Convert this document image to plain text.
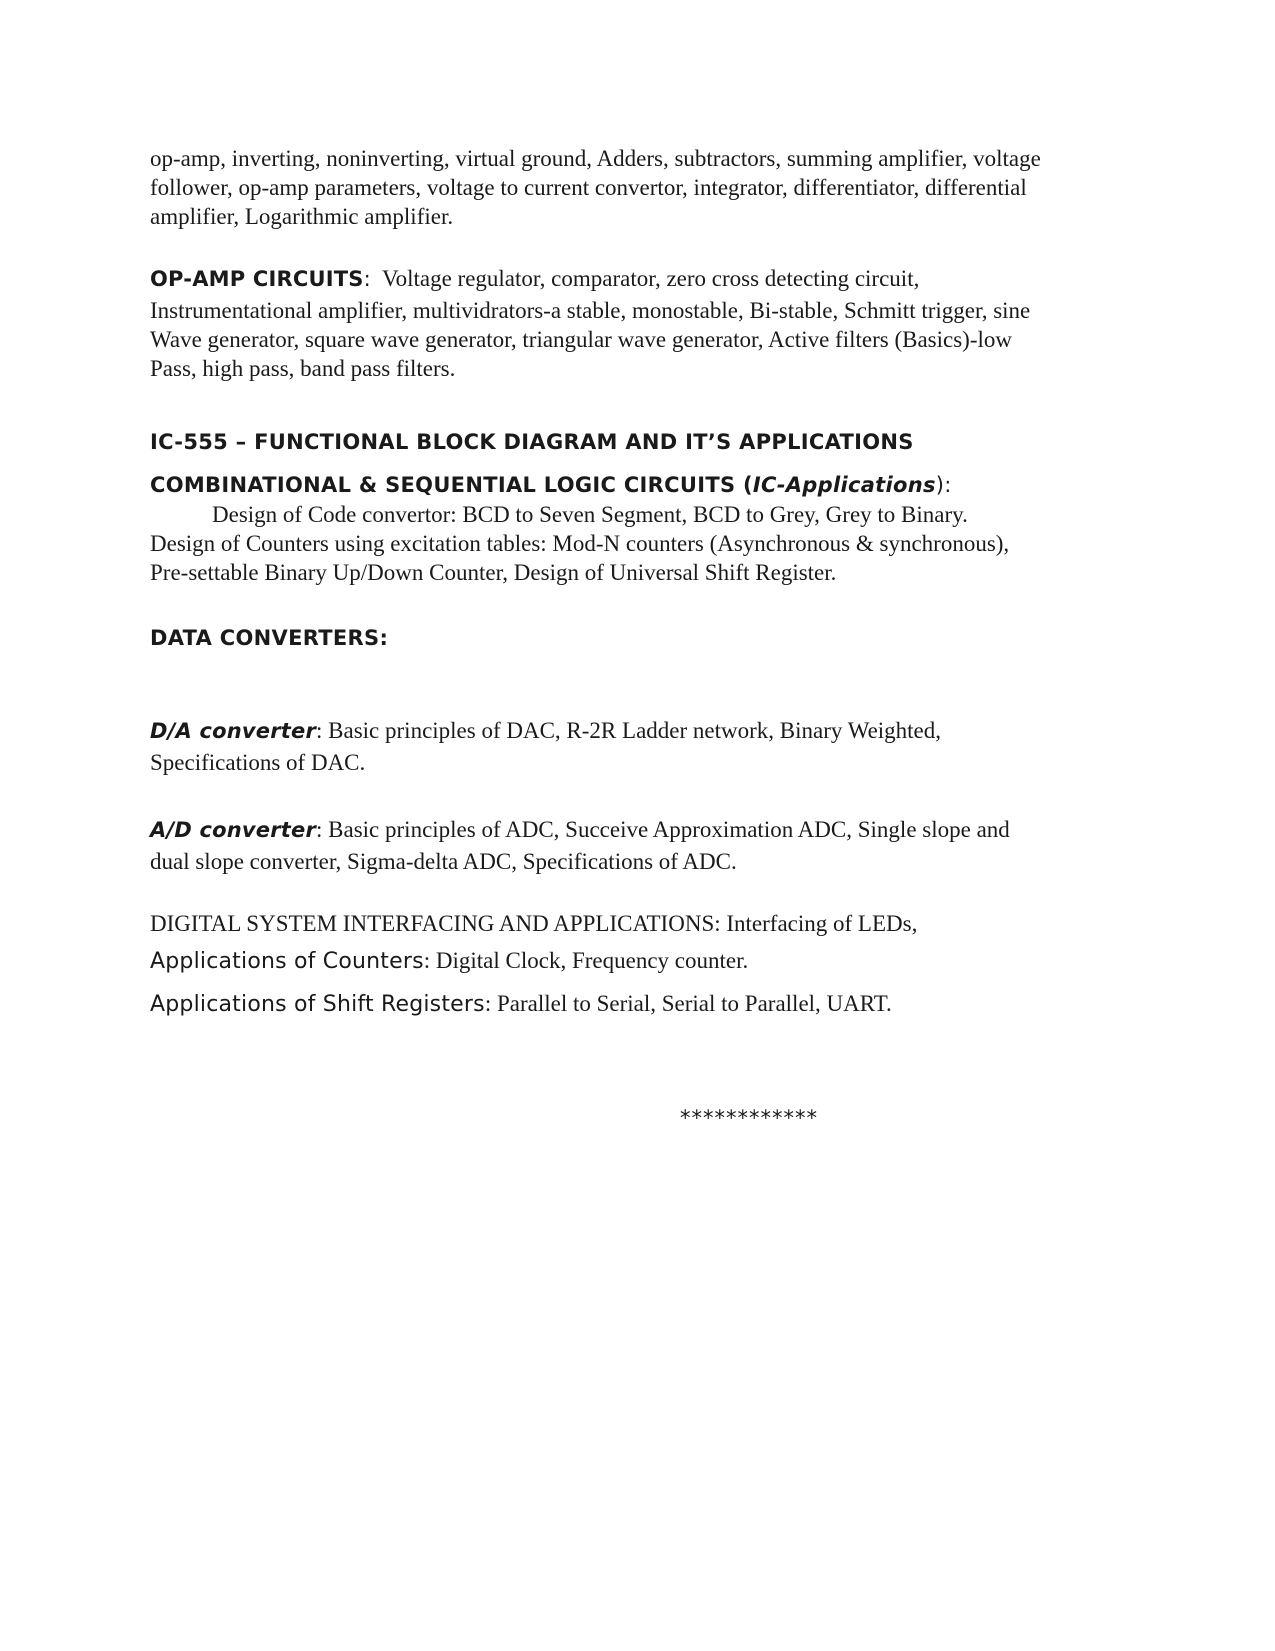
op-amp, inverting, noninverting, virtual ground, Adders, subtractors, summing amplifier, voltage
follower, op-amp parameters, voltage to current convertor, integrator, differentiator, differential
amplifier, Logarithmic amplifier.
OP-AMP CIRCUITS: Voltage regulator, comparator, zero cross detecting circuit,
Instrumentational amplifier, multividrators-a stable, monostable, Bi-stable, Schmitt trigger, sine
Wave generator, square wave generator, triangular wave generator, Active filters (Basics)-low
Pass, high pass, band pass filters.
IC-555 – FUNCTIONAL BLOCK DIAGRAM AND IT’S APPLICATIONS
COMBINATIONAL & SEQUENTIAL LOGIC CIRCUITS (IC-Applications):
Design of Code convertor: BCD to Seven Segment, BCD to Grey, Grey to Binary.
Design of Counters using excitation tables: Mod-N counters (Asynchronous & synchronous),
Pre-settable Binary Up/Down Counter, Design of Universal Shift Register.
DATA CONVERTERS:
D/A converter: Basic principles of DAC, R-2R Ladder network, Binary Weighted,
Specifications of DAC.
A/D converter: Basic principles of ADC, Succeive Approximation ADC, Single slope and
dual slope converter, Sigma-delta ADC, Specifications of ADC.
DIGITAL SYSTEM INTERFACING AND APPLICATIONS: Interfacing of LEDs,
Applications of Counters: Digital Clock, Frequency counter.
Applications of Shift Registers: Parallel to Serial, Serial to Parallel, UART.
************
